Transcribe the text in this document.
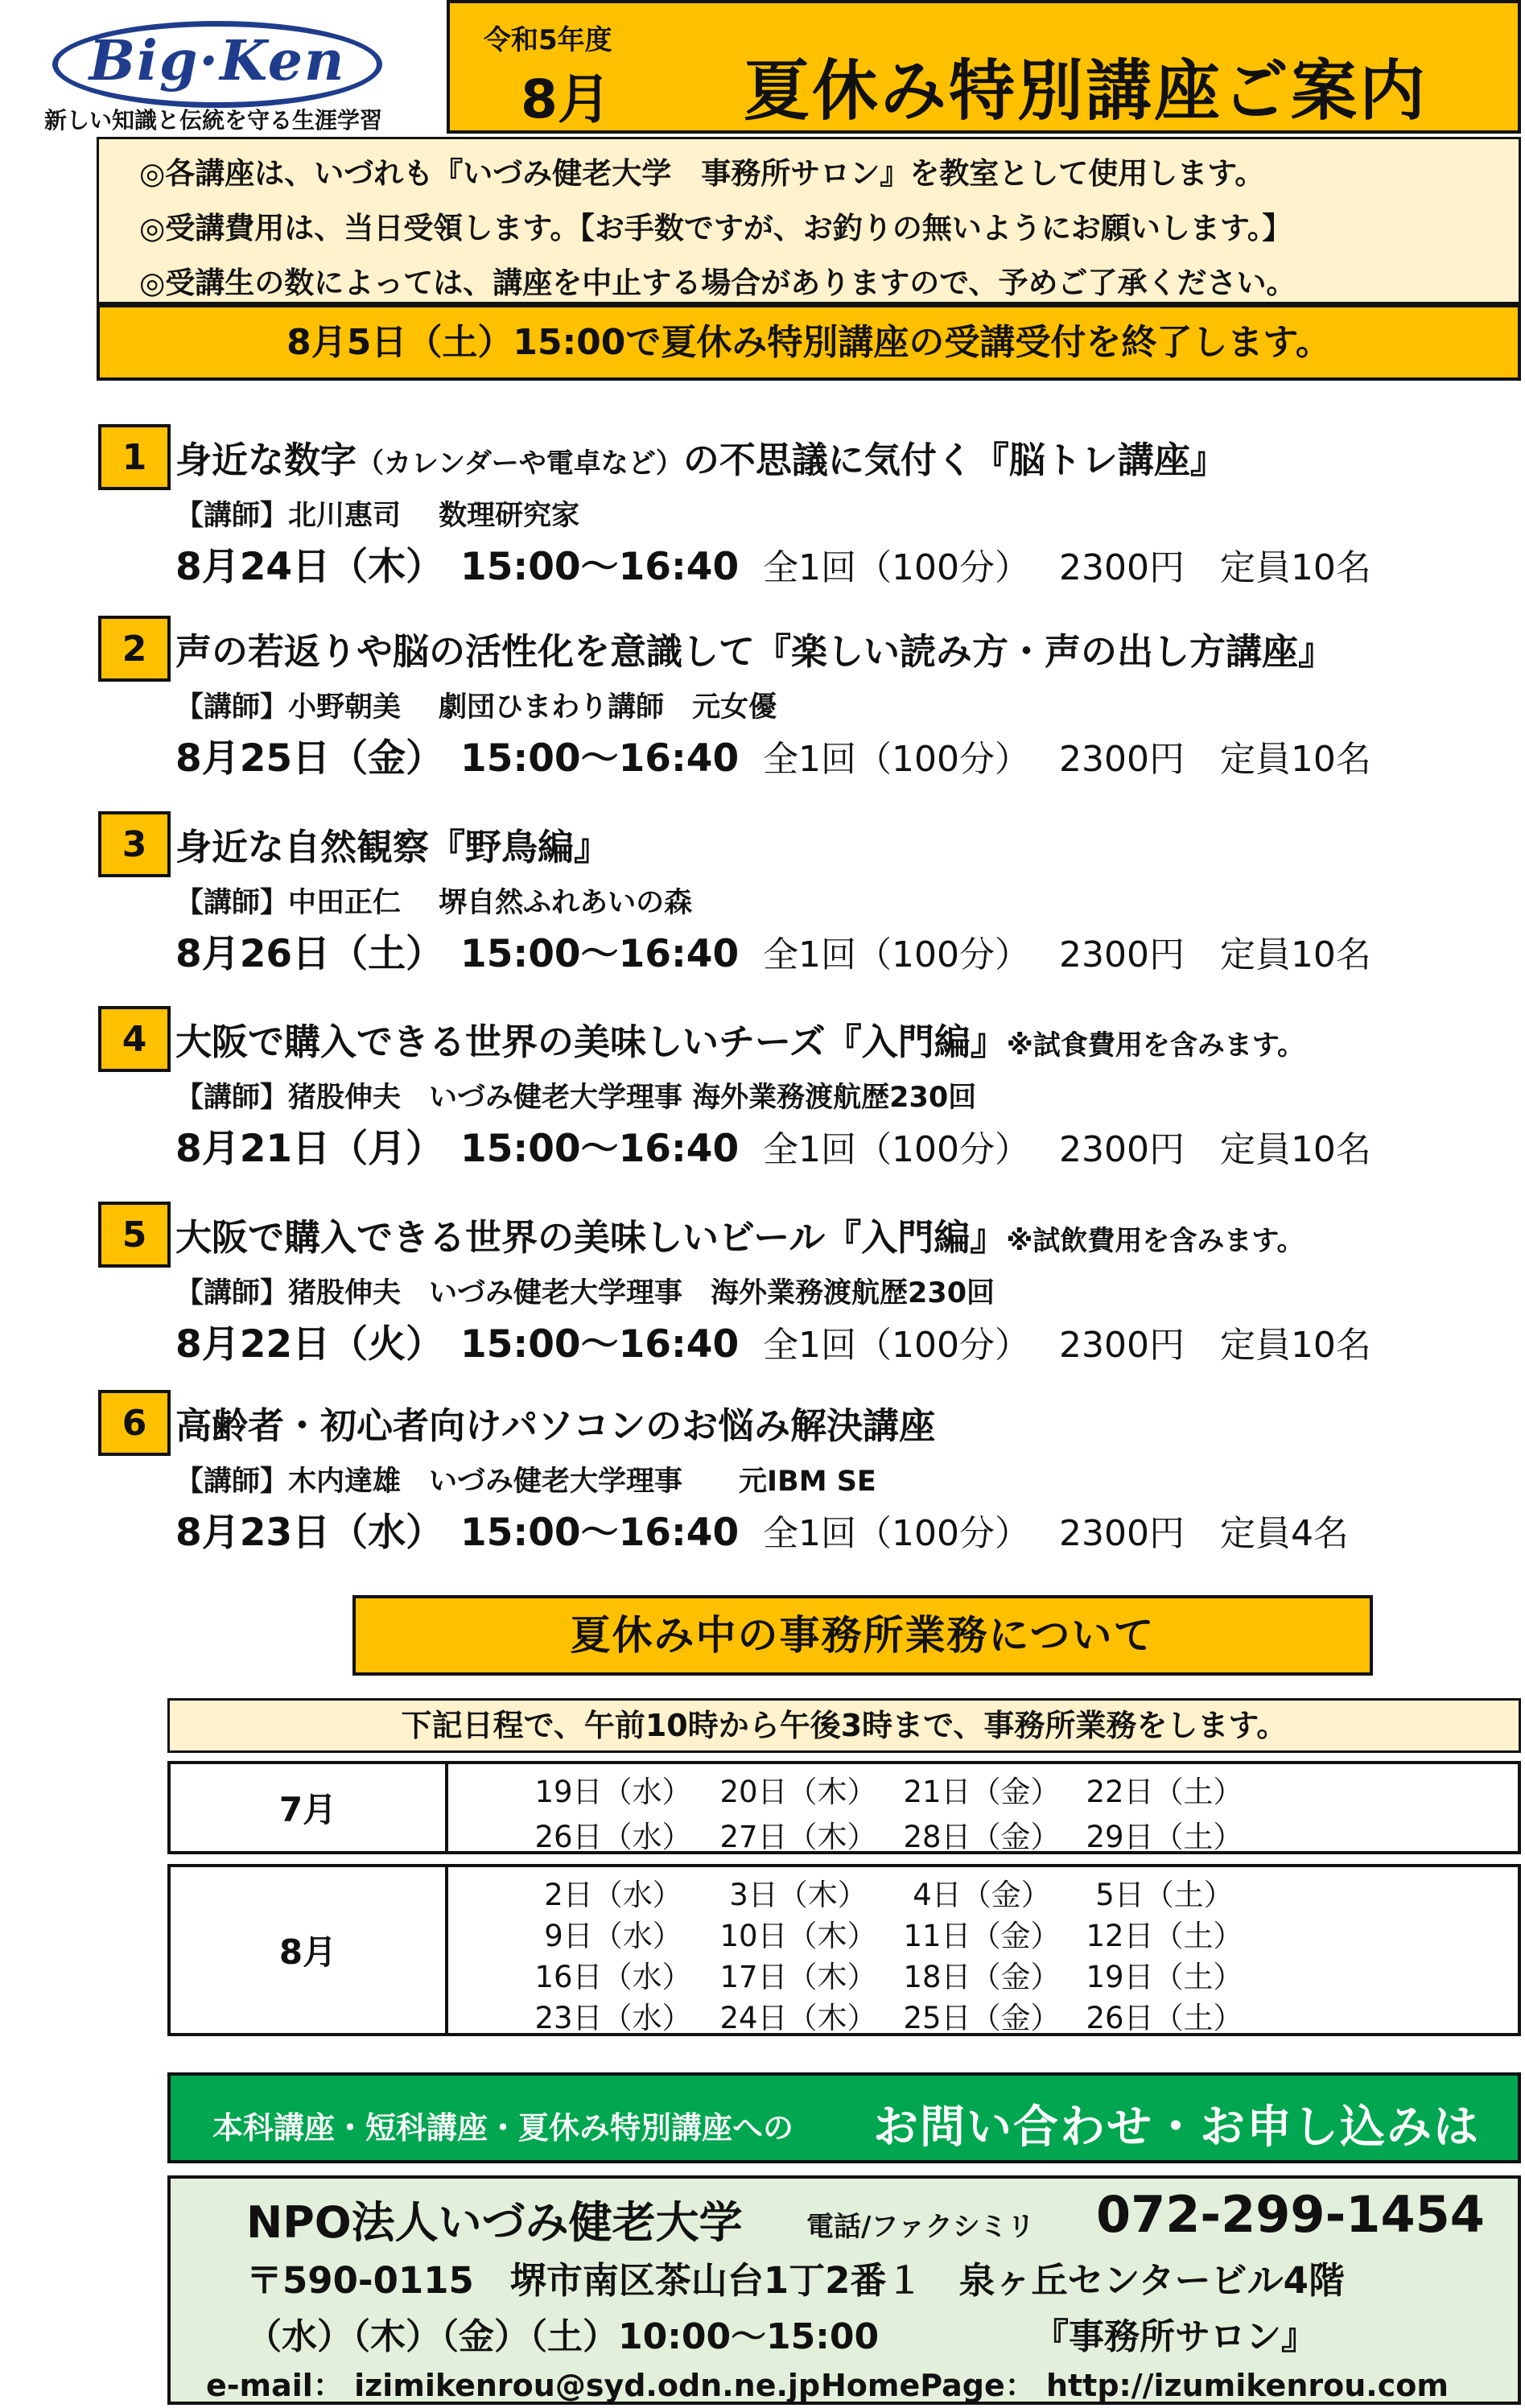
Big·Ken
新しい知識と伝統を守る生涯学習
令和5年度
8月 夏休み特別講座ご案内
◎各講座は、いづれも『いづみ健老大学　事務所サロン』を教室として使用します。
◎受講費用は、当日受領します。【お手数ですが、お釣りの無いようにお願いします。】
◎受講生の数によっては、講座を中止する場合がありますので、予めご了承ください。
8月5日（土）15:00で夏休み特別講座の受講受付を終了します。
1 身近な数字（カレンダーや電卓など）の不思議に気付く『脳トレ講座』
【講師】北川惠司　 数理研究家
8月24日（木） 15:00～16:40 全1回（100分）　 2300円　定員10名
2 声の若返りや脳の活性化を意識して『楽しい読み方・声の出し方講座』
【講師】小野朝美　 劇団ひまわり講師　元女優
8月25日（金） 15:00～16:40 全1回（100分）　 2300円　定員10名
3 身近な自然観察『野鳥編』
【講師】中田正仁　 堺自然ふれあいの森
8月26日（土） 15:00～16:40 全1回（100分）　 2300円　定員10名
4 大阪で購入できる世界の美味しいチーズ『入門編』※試食費用を含みます。
【講師】猪股伸夫　いづみ健老大学理事 海外業務渡航歴230回
8月21日（月） 15:00～16:40 全1回（100分）　 2300円　定員10名
5 大阪で購入できる世界の美味しいビール『入門編』※試飲費用を含みます。
【講師】猪股伸夫　いづみ健老大学理事　海外業務渡航歴230回
8月22日（火） 15:00～16:40 全1回（100分）　 2300円　定員10名
6 高齢者・初心者向けパソコンのお悩み解決講座
【講師】木内達雄　いづみ健老大学理事　　元IBM SE
8月23日（水） 15:00～16:40 全1回（100分）　 2300円　定員4名
夏休み中の事務所業務について
下記日程で、午前10時から午後3時まで、事務所業務をします。
7月	19日（水） 20日（木） 21日（金） 22日（土）
26日（水） 27日（木） 28日（金） 29日（土）
8月
2日（水）	3日（木）	4日（金）	5日（土）
9日（水）	10日（木） 11日（金） 12日（土）
16日（水） 17日（木） 18日（金） 19日（土）
23日（水） 24日（木） 25日（金） 26日（土）
本科講座・短科講座・夏休み特別講座への お問い合わせ・お申し込みは
NPO法人いづみ健老大学 電話/ファクシミリ 072-299-1454
〒590-0115　堺市南区茶山台1丁2番１　泉ヶ丘センタービル4階
（水）（木）（金）（土）10:00～15:00	『事務所サロン』
e-mail： izimikenrou@syd.odn.ne.jp HomePage： http://izumikenrou.com
